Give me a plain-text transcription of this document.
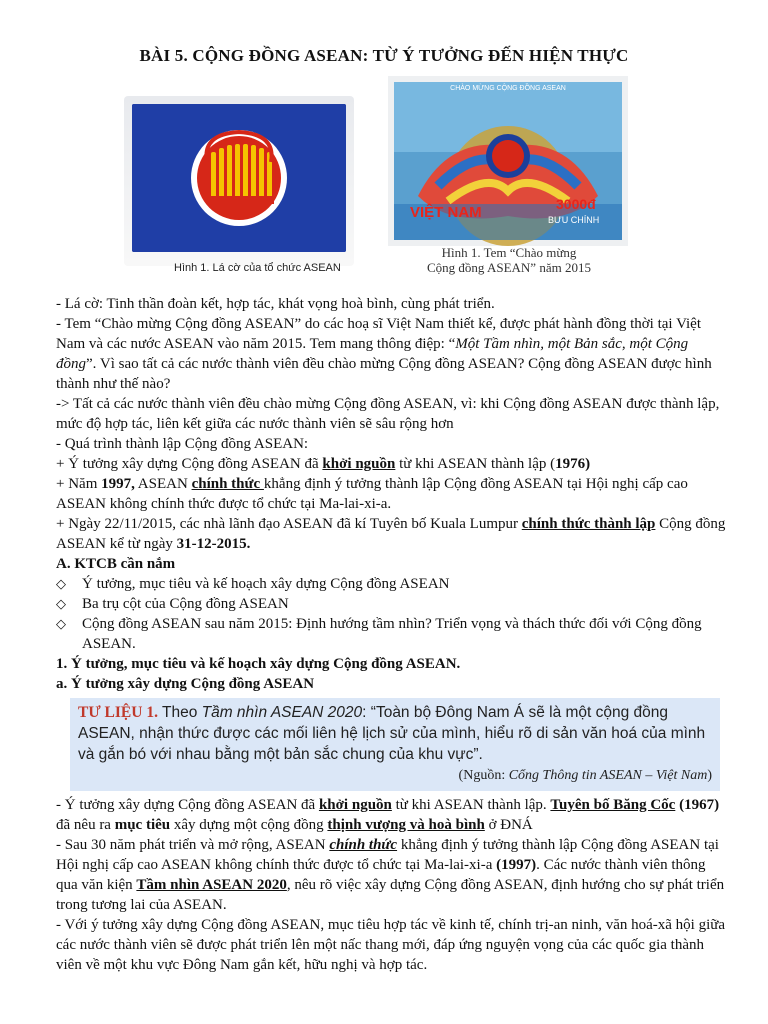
BÀI 5. CỘNG ĐỒNG ASEAN: TỪ Ý TƯỞNG ĐẾN HIỆN THỰC
Hình 1. Lá cờ của tổ chức ASEAN
CHÀO MỪNG CỘNG ĐỒNG ASEAN
VIỆT NAM	3000đ
BƯU CHÍNH
Hình 1. Tem “Chào mừng
Cộng đồng ASEAN” năm 2015

- Lá cờ: Tinh thần đoàn kết, hợp tác, khát vọng hoà bình, cùng phát triển.

- Tem “Chào mừng Cộng đồng ASEAN” do các hoạ sĩ Việt Nam thiết kế, được phát hành đồng thời tại Việt Nam và các nước ASEAN vào năm 2015. Tem mang thông điệp: “Một Tầm nhìn, một Bản sắc, một Cộng đồng”. Vì sao tất cả các nước thành viên đều chào mừng Cộng đồng ASEAN? Cộng đồng ASEAN được hình thành như thế nào?

-> Tất cả các nước thành viên đều chào mừng Cộng đồng ASEAN, vì: khi Cộng đồng ASEAN được thành lập, mức độ hợp tác, liên kết giữa các nước thành viên sẽ sâu rộng hơn

- Quá trình thành lập Cộng đồng ASEAN:

+ Ý tưởng xây dựng Cộng đồng ASEAN đã khởi nguồn từ khi ASEAN thành lập (1976)

+ Năm 1997, ASEAN chính thức khẳng định ý tưởng thành lập Cộng đồng ASEAN tại Hội nghị cấp cao ASEAN không chính thức được tổ chức tại Ma-lai-xi-a.

+ Ngày 22/11/2015, các nhà lãnh đạo ASEAN đã kí Tuyên bố Kuala Lumpur chính thức thành lập Cộng đồng ASEAN kể từ ngày 31-12-2015.

A. KTCB cần nắm

◇ Ý tưởng, mục tiêu và kế hoạch xây dựng Cộng đồng ASEAN
◇ Ba trụ cột của Cộng đồng ASEAN
◇ Cộng đồng ASEAN sau năm 2015: Định hướng tầm nhìn? Triển vọng và thách thức đối với Cộng đồng ASEAN.

1. Ý tưởng, mục tiêu và kế hoạch xây dựng Cộng đồng ASEAN.

a. Ý tưởng xây dựng Cộng đồng ASEAN

TƯ LIỆU 1. Theo Tầm nhìn ASEAN 2020: “Toàn bộ Đông Nam Á sẽ là một cộng đồng ASEAN, nhận thức được các mối liên hệ lịch sử của mình, hiểu rõ di sản văn hoá của mình và gắn bó với nhau bằng một bản sắc chung của khu vực”.
(Nguồn: Cổng Thông tin ASEAN – Việt Nam)

- Ý tưởng xây dựng Cộng đồng ASEAN đã khởi nguồn từ khi ASEAN thành lập. Tuyên bố Băng Cốc (1967) đã nêu ra mục tiêu xây dựng một cộng đồng thịnh vượng và hoà bình ở ĐNÁ

- Sau 30 năm phát triển và mở rộng, ASEAN chính thức khẳng định ý tưởng thành lập Cộng đồng ASEAN tại Hội nghị cấp cao ASEAN không chính thức được tổ chức tại Ma-lai-xi-a (1997). Các nước thành viên thông qua văn kiện Tầm nhìn ASEAN 2020, nêu rõ việc xây dựng Cộng đồng ASEAN, định hướng cho sự phát triển trong tương lai của ASEAN.

- Với ý tưởng xây dựng Cộng đồng ASEAN, mục tiêu hợp tác về kinh tế, chính trị-an ninh, văn hoá-xã hội giữa các nước thành viên sẽ được phát triển lên một nấc thang mới, đáp ứng nguyện vọng của các quốc gia thành viên về một khu vực Đông Nam gắn kết, hữu nghị và hợp tác.
